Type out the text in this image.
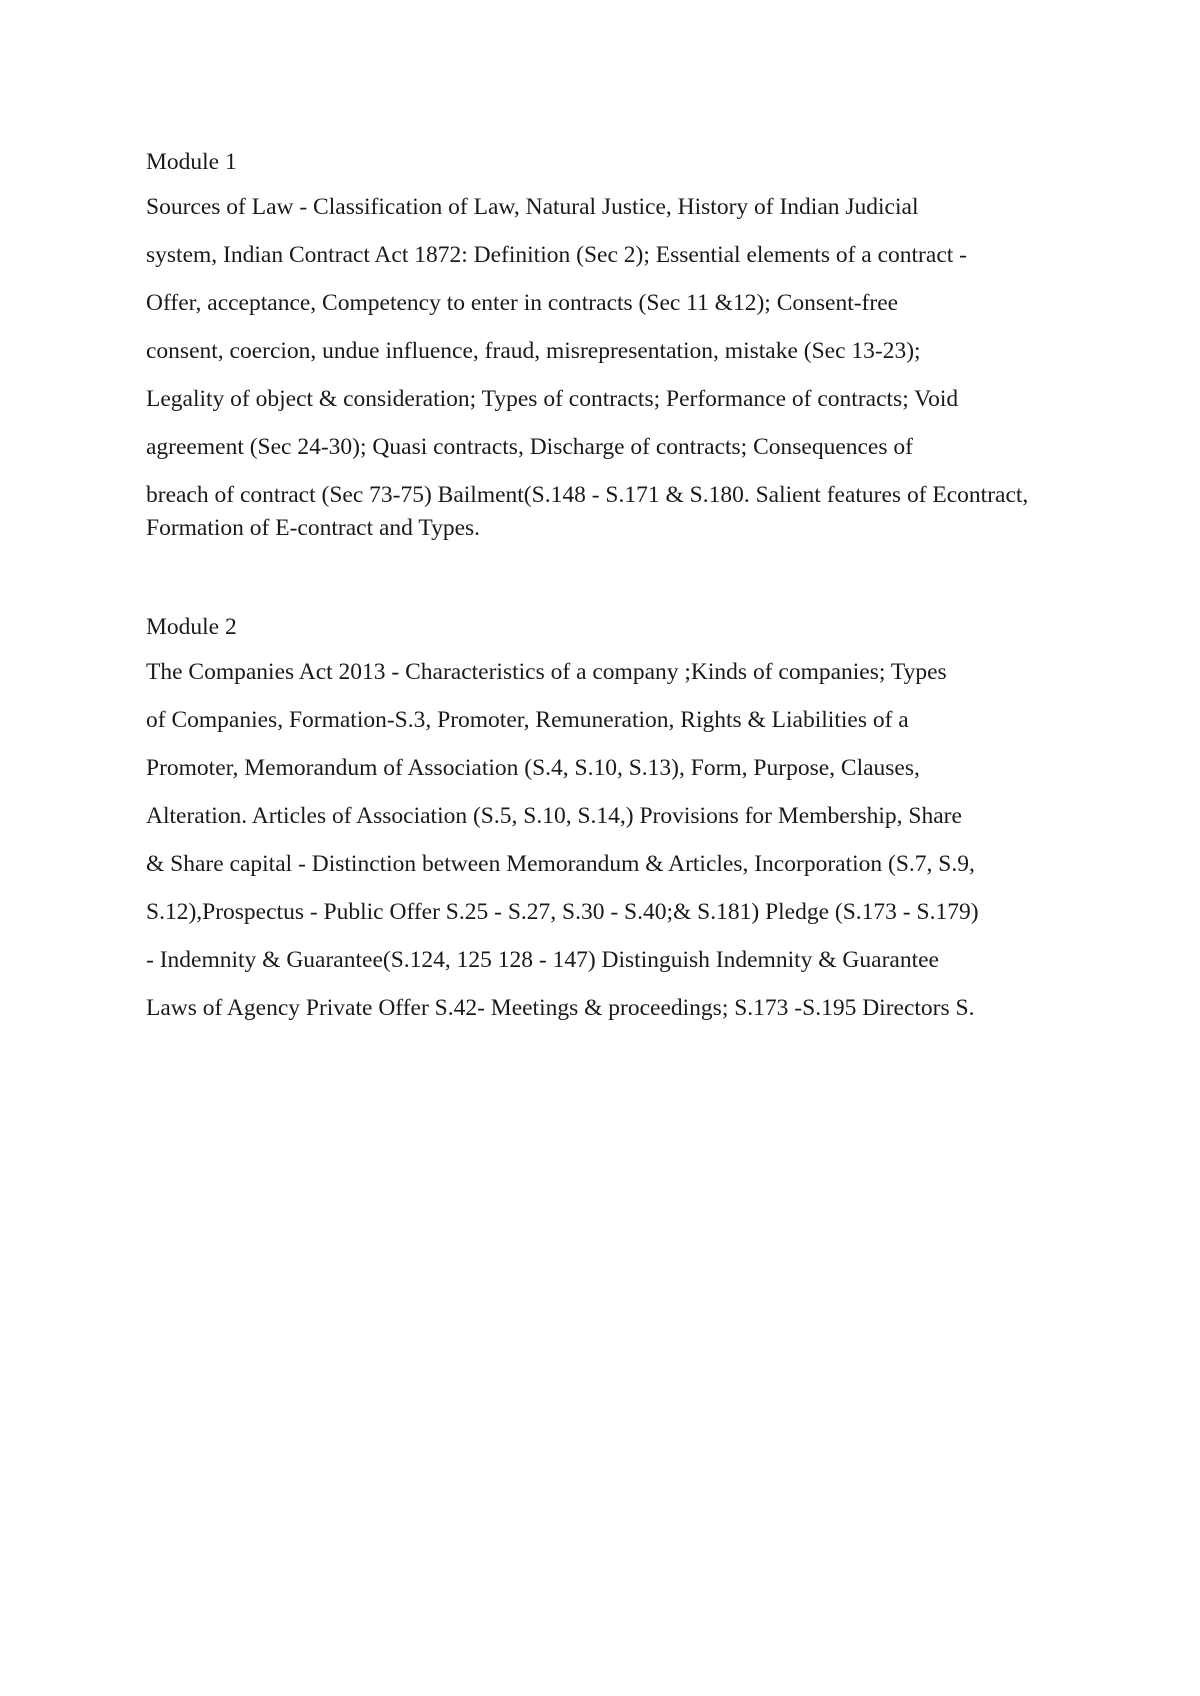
Module 1

Sources of Law - Classification of Law, Natural Justice, History of Indian Judicial

system, Indian Contract Act 1872: Definition (Sec 2); Essential elements of a contract -

Offer, acceptance, Competency to enter in contracts (Sec 11 &12); Consent-free

consent, coercion, undue influence, fraud, misrepresentation, mistake (Sec 13-23);

Legality of object & consideration; Types of contracts; Performance of contracts; Void

agreement (Sec 24-30); Quasi contracts, Discharge of contracts; Consequences of

breach of contract (Sec 73-75) Bailment(S.148 - S.171 & S.180. Salient features of Econtract, Formation of E-contract and Types.

Module 2

The Companies Act 2013 - Characteristics of a company ;Kinds of companies; Types

of Companies, Formation-S.3, Promoter, Remuneration, Rights & Liabilities of a

Promoter, Memorandum of Association (S.4, S.10, S.13), Form, Purpose, Clauses,

Alteration. Articles of Association (S.5, S.10, S.14,) Provisions for Membership, Share

& Share capital - Distinction between Memorandum & Articles, Incorporation (S.7, S.9,

S.12),Prospectus - Public Offer S.25 - S.27, S.30 - S.40;& S.181) Pledge (S.173 - S.179)

- Indemnity & Guarantee(S.124, 125 128 - 147) Distinguish Indemnity & Guarantee

Laws of Agency Private Offer S.42- Meetings & proceedings; S.173 -S.195 Directors S.
